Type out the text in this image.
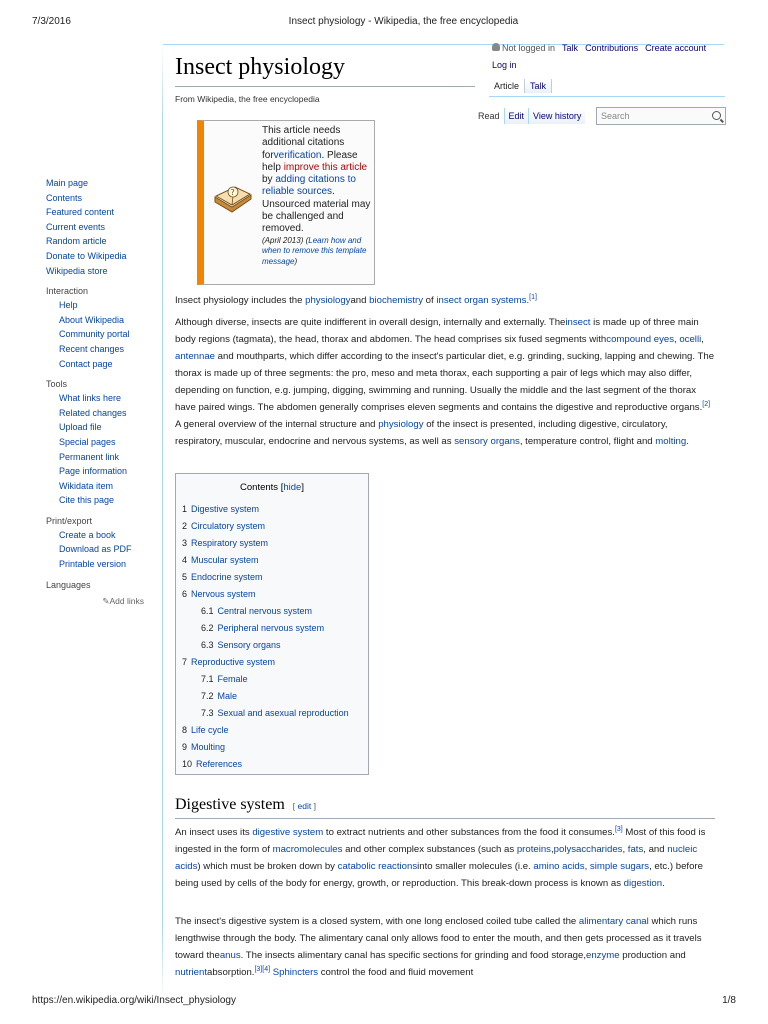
7/3/2016	Insect physiology - Wikipedia, the free encyclopedia
Not logged in Talk Contributions Create account
Log in
Article	Talk
Read	Edit	View history	Search
Main page
Contents
Featured content
Current events
Random article
Donate to Wikipedia
Wikipedia store
Interaction
Help
About Wikipedia
Community portal
Recent changes
Contact page
Tools
What links here
Related changes
Upload file
Special pages
Permanent link
Page information
Wikidata item
Cite this page
Print/export
Create a book
Download as PDF
Printable version
Languages
✎Add links
Insect physiology
From Wikipedia, the free encyclopedia
?
This article needs additional citations forverification. Please help improve this article by adding citations to reliable sources. Unsourced material may be challenged and removed.
(April 2013) (Learn how and when to remove this template message)

Insect physiology includes the physiologyand biochemistry of insect organ systems.[1]

Although diverse, insects are quite indifferent in overall design, internally and externally. Theinsect is made up of three main body regions (tagmata), the head, thorax and abdomen. The head comprises six fused segments withcompound eyes, ocelli, antennae and mouthparts, which differ according to the insect's particular diet, e.g. grinding, sucking, lapping and chewing. The thorax is made up of three segments: the pro, meso and meta thorax, each supporting a pair of legs which may also differ, depending on function, e.g. jumping, digging, swimming and running. Usually the middle and the last segment of the thorax have paired wings. The abdomen generally comprises eleven segments and contains the digestive and reproductive organs.[2] A general overview of the internal structure and physiology of the insect is presented, including digestive, circulatory, respiratory, muscular, endocrine and nervous systems, as well as sensory organs, temperature control, flight and molting.

Contents [hide]
1 Digestive system
2 Circulatory system
3 Respiratory system
4 Muscular system
5 Endocrine system
6 Nervous system
6.1 Central nervous system
6.2 Peripheral nervous system
6.3 Sensory organs
7 Reproductive system
7.1 Female
7.2 Male
7.3 Sexual and asexual reproduction
8 Life cycle
9 Moulting
10 References
Digestive system [ edit ]

An insect uses its digestive system to extract nutrients and other substances from the food it consumes.[3] Most of this food is ingested in the form of macromolecules and other complex substances (such as proteins,polysaccharides, fats, and nucleic acids) which must be broken down by catabolic reactionsinto smaller molecules (i.e. amino acids, simple sugars, etc.) before being used by cells of the body for energy, growth, or reproduction. This break-down process is known as digestion.

The insect's digestive system is a closed system, with one long enclosed coiled tube called the alimentary canal which runs lengthwise through the body. The alimentary canal only allows food to enter the mouth, and then gets processed as it travels toward theanus. The insects alimentary canal has specific sections for grinding and food storage,enzyme production and nutrientabsorption.[3][4] Sphincters control the food and fluid movement

https://en.wikipedia.org/wiki/Insect_physiology	1/8
